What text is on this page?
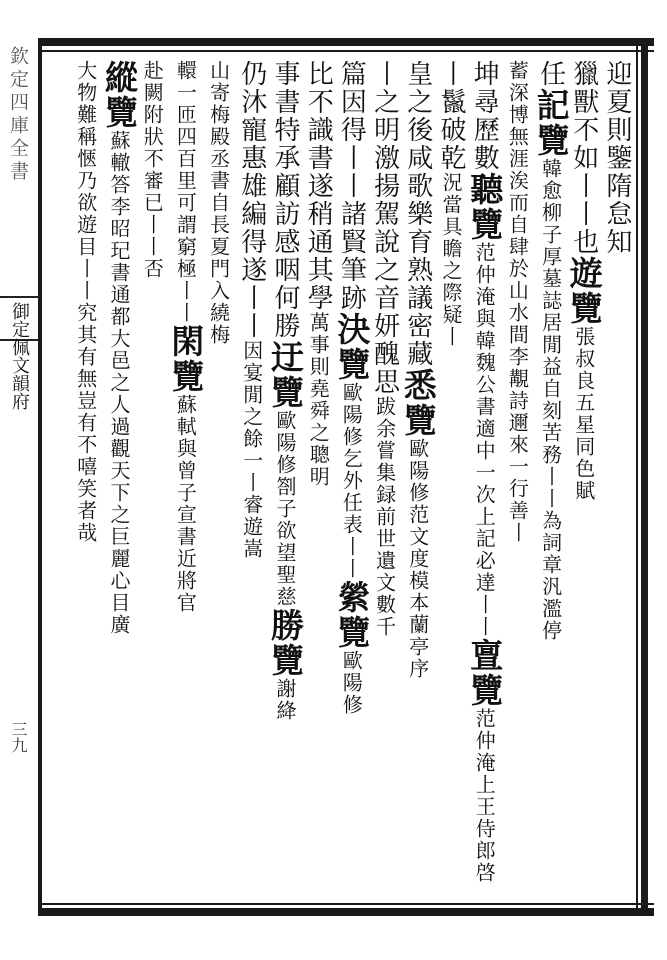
欽定四庫全書
御定佩文韻府
三九
迎夏則鑒隋怠知
獵獸不如丨丨也遊覽張叔良五星同色賦
任記覽韓愈柳子厚墓誌居閒益自刻苦務丨丨為詞章汎濫停
蓄深博無涯涘而自肆於山水間李覯詩邇來一行善丨
坤尋歷數聽覽范仲淹與韓魏公書適中一次上記必達丨丨亶覽范仲淹上王侍郎啓
丨鬣破乾況當具瞻之際疑丨
皇之後咸歌樂育熟議密藏悉覽歐陽修范文度模本蘭亭序
丨之明激揚駕說之音妍醜思跋余嘗集録前世遺文數千
篇因得丨丨諸賢筆跡決覽歐陽修乞外任表丨丨縈覽歐陽修
比不識書遂稍通其學萬事則堯舜之聰明
事書特承顧訪感咽何勝迂覽歐陽修劄子欲望聖慈勝覽謝絳
仍沐寵惠雄編得遂丨丨因宴閒之餘一丨睿遊嵩
山寄梅殿丞書自長夏門入繞梅
轘一匝四百里可謂窮極丨丨閑覽蘇軾與曾子宣書近將官
赴闕附狀不審已丨丨否
縱覽蘇轍答李昭玘書通都大邑之人過觀天下之巨麗心目廣
大物難稱愜乃欲遊目丨丨究其有無豈有不嘻笑者哉
